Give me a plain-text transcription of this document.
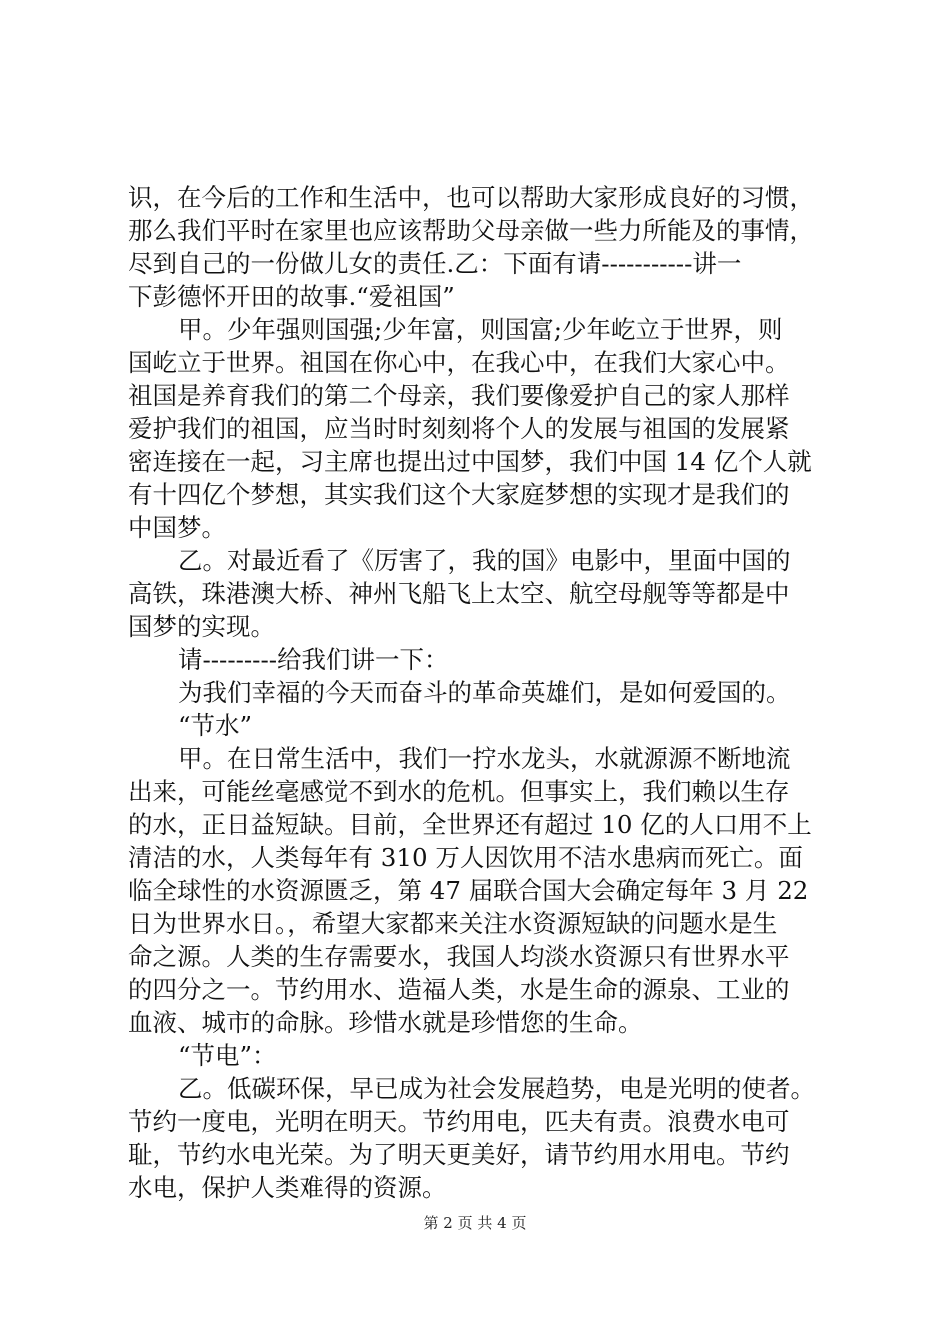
识，在今后的工作和生活中，也可以帮助大家形成良好的习惯，
那么我们平时在家里也应该帮助父母亲做一些力所能及的事情，
尽到自己的一份做儿女的责任.乙：下面有请-----------讲一
下彭德怀开田的故事.“爱祖国”
甲。少年强则国强;少年富，则国富;少年屹立于世界，则
国屹立于世界。祖国在你心中，在我心中，在我们大家心中。
祖国是养育我们的第二个母亲，我们要像爱护自己的家人那样
爱护我们的祖国，应当时时刻刻将个人的发展与祖国的发展紧
密连接在一起，习主席也提出过中国梦，我们中国 14 亿个人就
有十四亿个梦想，其实我们这个大家庭梦想的实现才是我们的
中国梦。
乙。对最近看了《厉害了，我的国》电影中，里面中国的
高铁，珠港澳大桥、神州飞船飞上太空、航空母舰等等都是中
国梦的实现。
请---------给我们讲一下：
为我们幸福的今天而奋斗的革命英雄们，是如何爱国的。
“节水”
甲。在日常生活中，我们一拧水龙头，水就源源不断地流
出来，可能丝毫感觉不到水的危机。但事实上，我们赖以生存
的水，正日益短缺。目前，全世界还有超过 10 亿的人口用不上
清洁的水，人类每年有 310 万人因饮用不洁水患病而死亡。面
临全球性的水资源匮乏，第 47 届联合国大会确定每年 3 月 22
日为世界水日。，希望大家都来关注水资源短缺的问题水是生
命之源。人类的生存需要水，我国人均淡水资源只有世界水平
的四分之一。节约用水、造福人类，水是生命的源泉、工业的
血液、城市的命脉。珍惜水就是珍惜您的生命。
“节电”：
乙。低碳环保，早已成为社会发展趋势，电是光明的使者。
节约一度电，光明在明天。节约用电，匹夫有责。浪费水电可
耻，节约水电光荣。为了明天更美好，请节约用水用电。节约
水电，保护人类难得的资源。
第 2 页 共 4 页
